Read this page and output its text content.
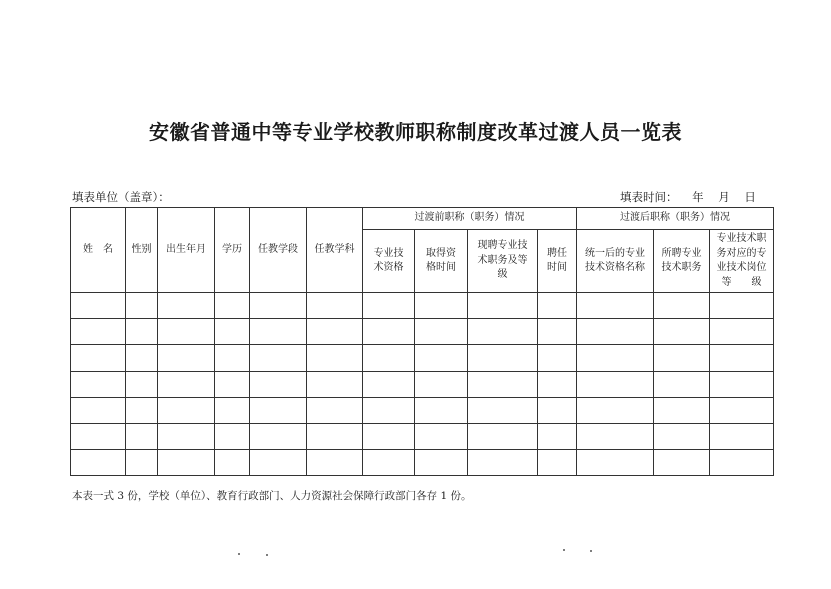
安徽省普通中等专业学校教师职称制度改革过渡人员一览表
填表单位（盖章）：	填表时间：    年    月    日
姓　名	性别	出生年月	学历	任教学段	任教学科	过渡前职称（职务）情况				过渡后职称（职务）情况		

						专业技术资格	取得资格时间	现聘专业技术职务及等级	聘任时间	统一后的专业技术资格名称	所聘专业技术职务	专业技术职务对应的专业技术岗位　等　　级

本表一式 3 份，学校（单位）、教育行政部门、人力资源社会保障行政部门各存 1 份。
